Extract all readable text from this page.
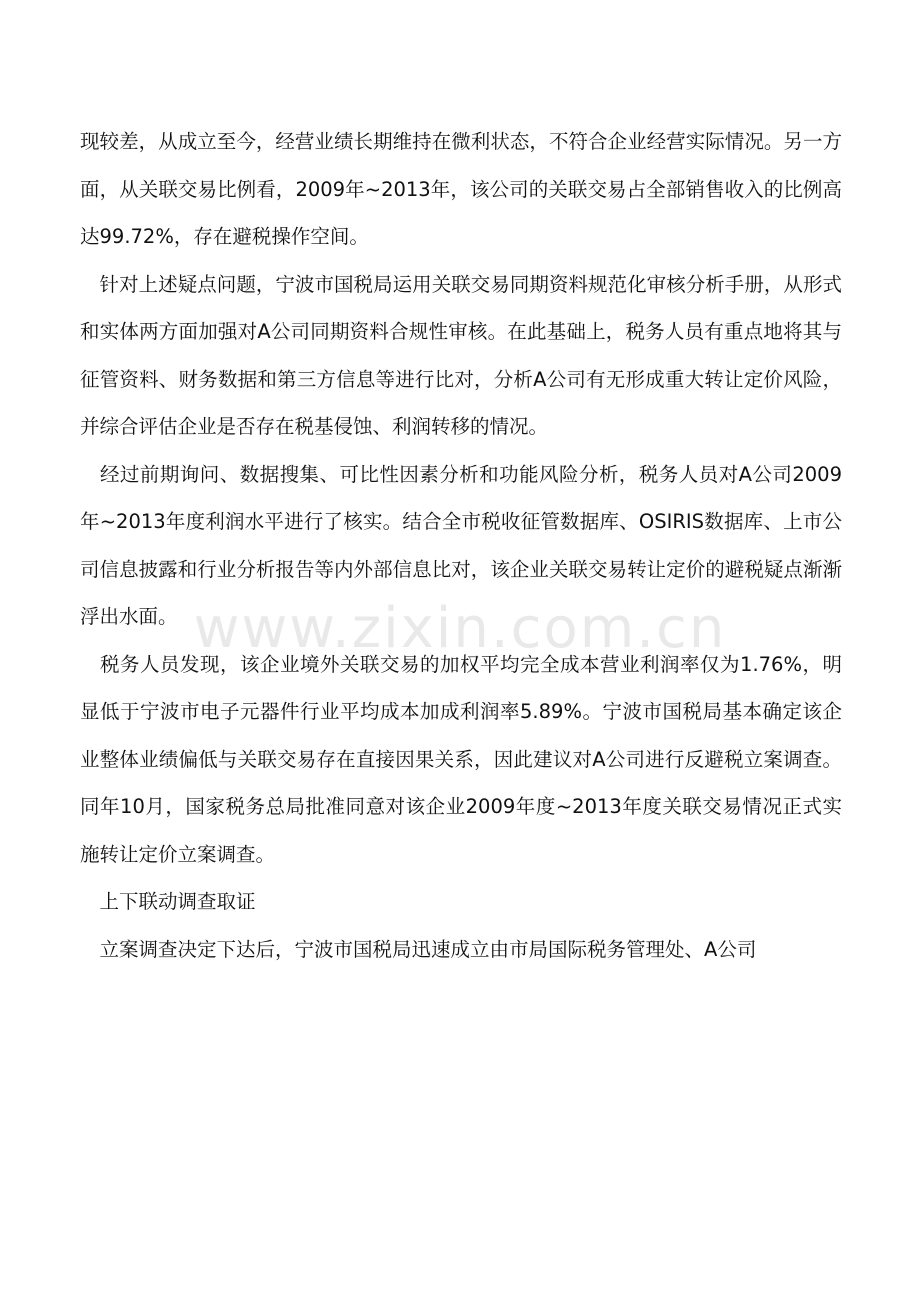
现较差，从成立至今，经营业绩长期维持在微利状态，不符合企业经营实际情况。另一方面，从关联交易比例看，2009年~2013年，该公司的关联交易占全部销售收入的比例高达99.72%，存在避税操作空间。

　针对上述疑点问题，宁波市国税局运用关联交易同期资料规范化审核分析手册，从形式和实体两方面加强对A公司同期资料合规性审核。在此基础上，税务人员有重点地将其与征管资料、财务数据和第三方信息等进行比对，分析A公司有无形成重大转让定价风险，并综合评估企业是否存在税基侵蚀、利润转移的情况。

　经过前期询问、数据搜集、可比性因素分析和功能风险分析，税务人员对A公司2009年~2013年度利润水平进行了核实。结合全市税收征管数据库、OSIRIS数据库、上市公司信息披露和行业分析报告等内外部信息比对，该企业关联交易转让定价的避税疑点渐渐浮出水面。

　税务人员发现，该企业境外关联交易的加权平均完全成本营业利润率仅为1.76%，明显低于宁波市电子元器件行业平均成本加成利润率5.89%。宁波市国税局基本确定该企业整体业绩偏低与关联交易存在直接因果关系，因此建议对A公司进行反避税立案调查。同年10月，国家税务总局批准同意对该企业2009年度~2013年度关联交易情况正式实施转让定价立案调查。

　上下联动调查取证

　立案调查决定下达后，宁波市国税局迅速成立由市局国际税务管理处、A公司

www.zixin.com.cn
